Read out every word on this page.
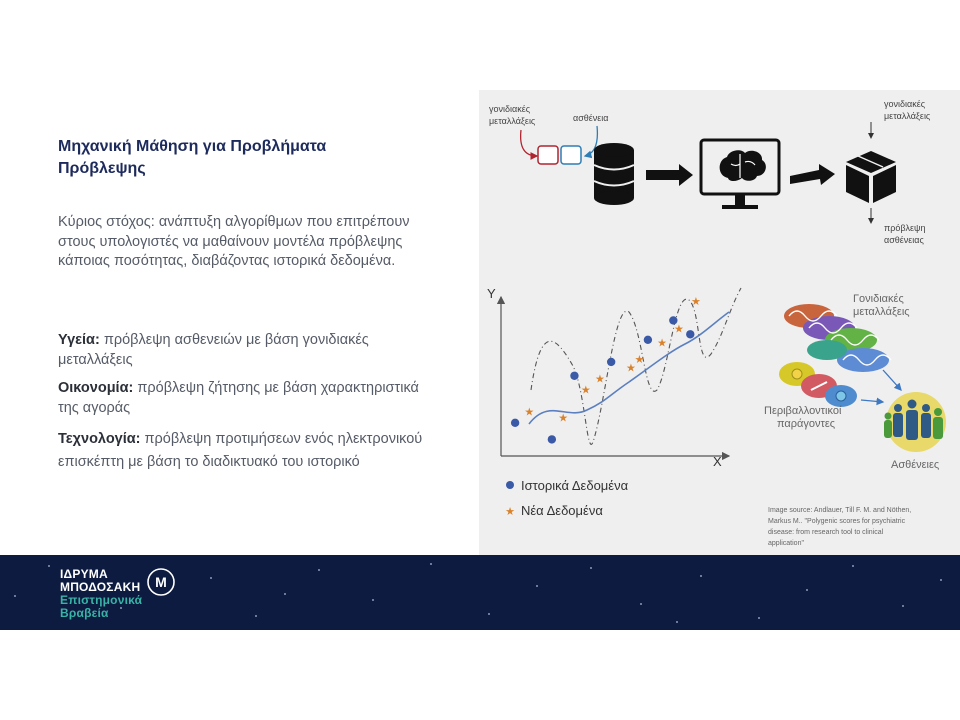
Μηχανική Μάθηση για Προβλήματα Πρόβλεψης
Κύριος στόχος: ανάπτυξη αλγορίθμων που επιτρέπουν στους υπολογιστές να μαθαίνουν μοντέλα πρόβλεψης κάποιας ποσότητας, διαβάζοντας ιστορικά δεδομένα.
Υγεία: πρόβλεψη ασθενειών με βάση γονιδιακές μεταλλάξεις
Οικονομία: πρόβλεψη ζήτησης με βάση χαρακτηριστικά της αγοράς
Τεχνολογία: πρόβλεψη προτιμήσεων ενός ηλεκτρονικού επισκέπτη με βάση το διαδικτυακό του ιστορικό
γονιδιακές
μεταλλάξεις	ασθένεια
γονιδιακές
μεταλλάξεις
πρόβλεψη
ασθένειας
Y
X
★ ★
★
★
★
★
★
★
★
Ιστορικά Δεδομένα
★ Νέα Δεδομένα
Γονιδιακές
μεταλλάξεις
Περιβαλλοντικοί
παράγοντες
Ασθένειες
Image source: Andlauer, Till F. M. and Nöthen,
Markus M.. "Polygenic scores for psychiatric
disease: from research tool to clinical
application"
ΙΔΡΥΜΑ
ΜΠΟΔΟΣΑΚΗ
Επιστημονικά
Βραβεία
Μ
